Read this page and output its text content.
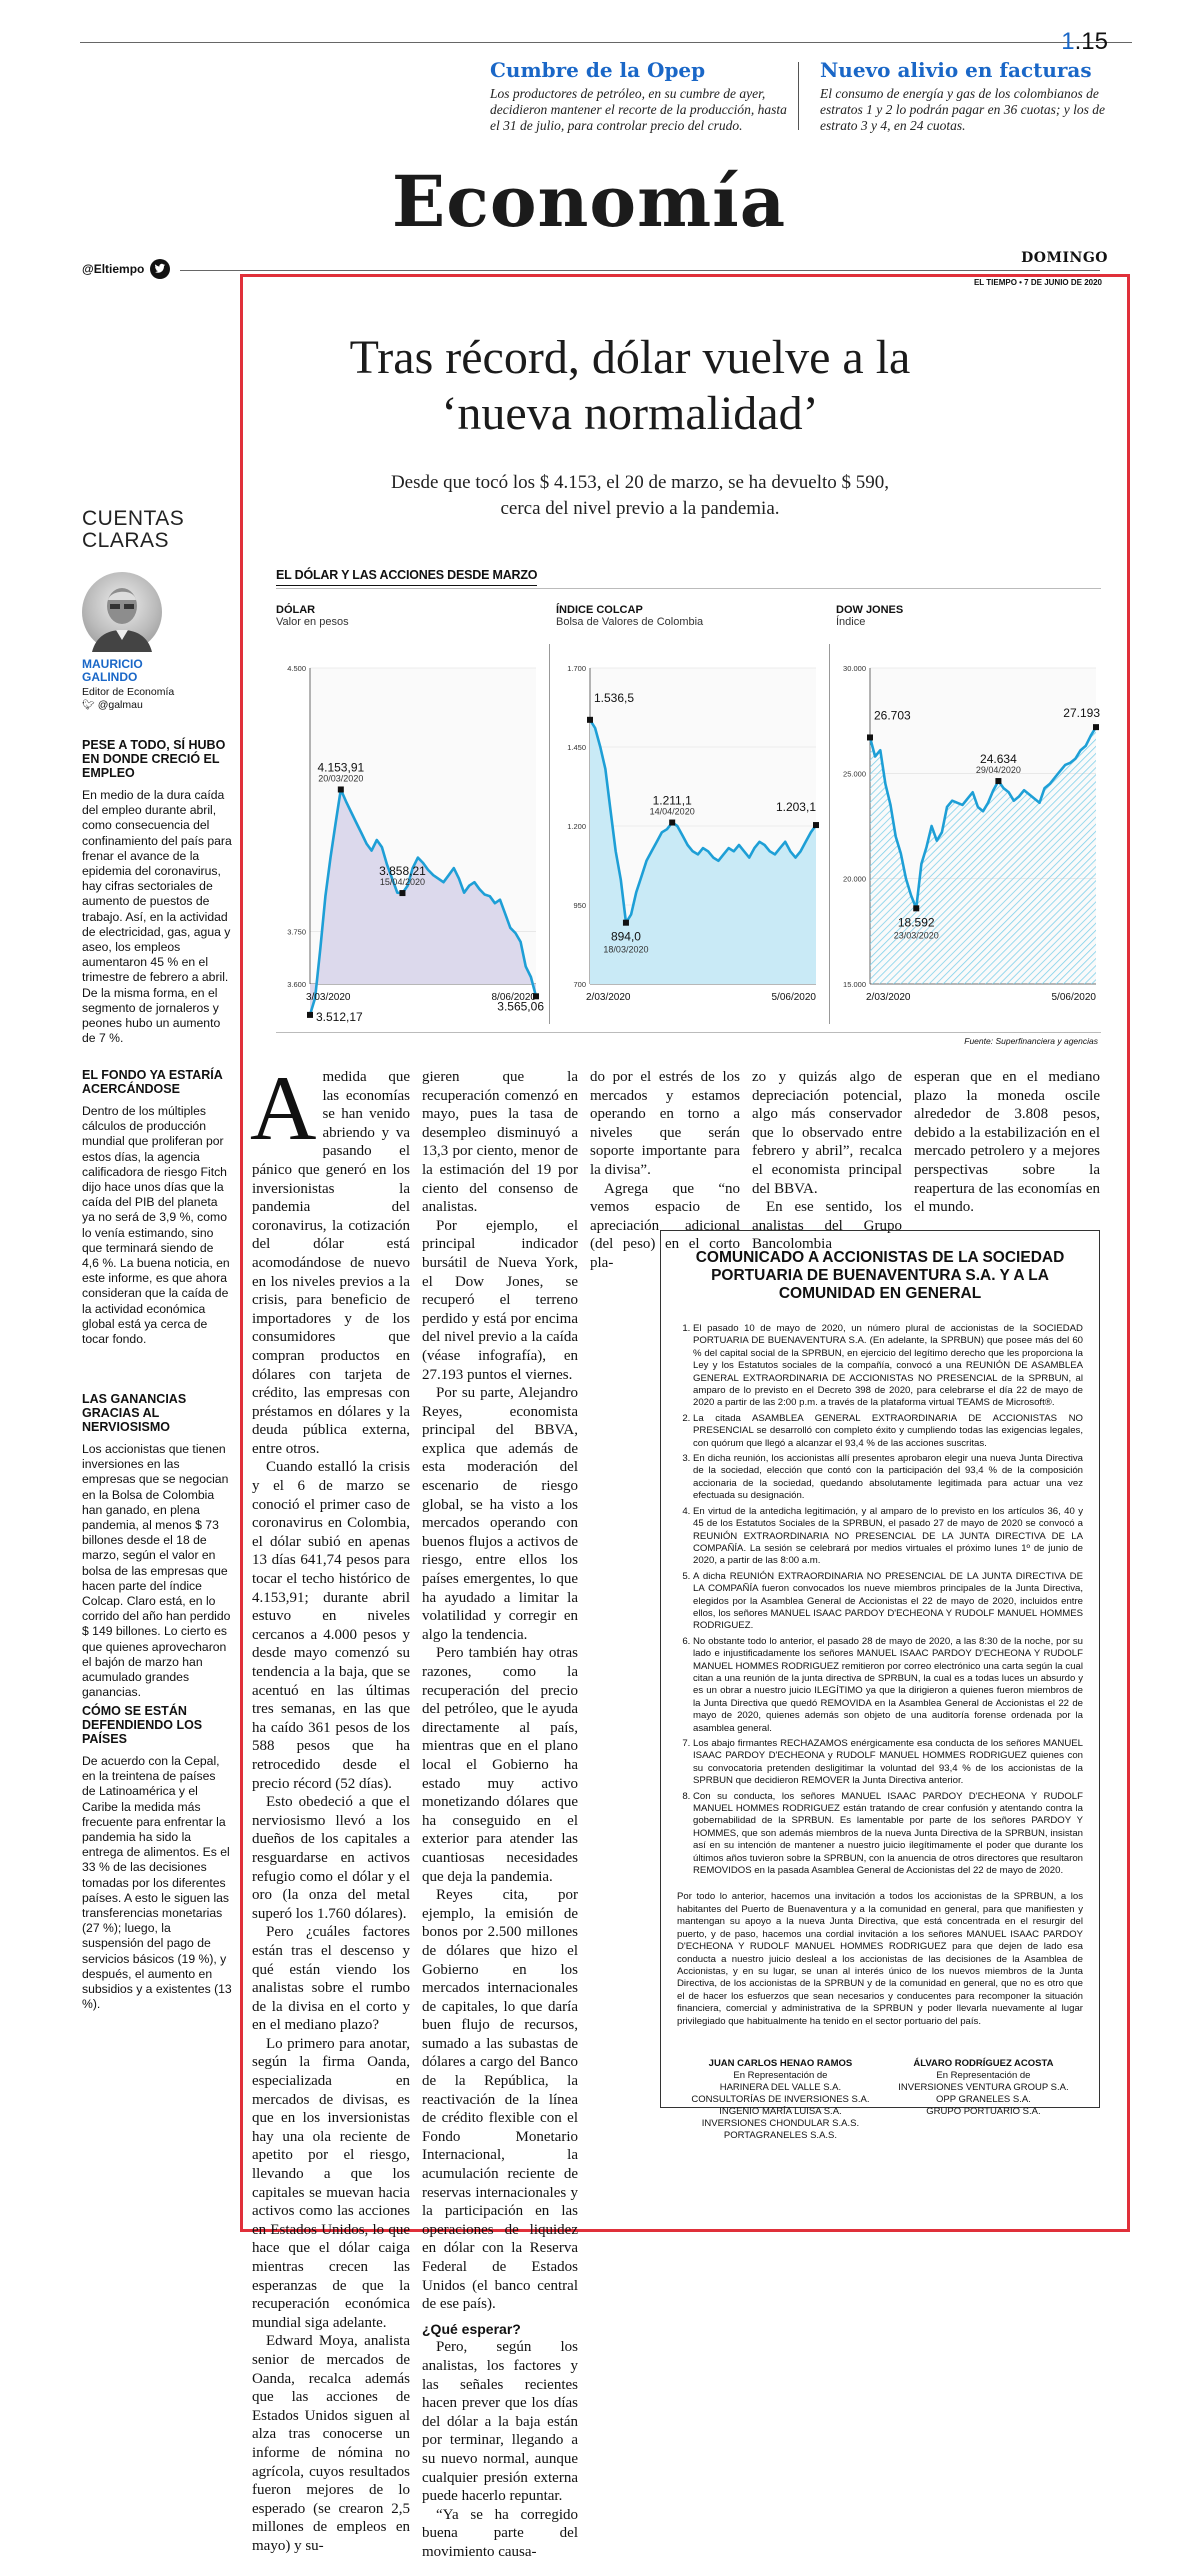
1.15
Cumbre de la Opep
Los productores de petróleo, en su cumbre de ayer, decidieron mantener el recorte de la producción, hasta el 31 de julio, para controlar precio del crudo.
Nuevo alivio en facturas
El consumo de energía y gas de los colombianos de estratos 1 y 2 lo podrán pagar en 36 cuotas; y los de estrato 3 y 4, en 24 cuotas.
Economía
@Eltiempo
DOMINGO
EL TIEMPO • 7 DE JUNIO DE 2020
CUENTAS
CLARAS
MAURICIO
GALINDO
Editor de Economía
🐦︎ @galmau
PESE A TODO, SÍ HUBO EN DONDE CRECIÓ EL EMPLEO

En medio de la dura caída del empleo durante abril, como consecuencia del confinamiento del país para frenar el avance de la epidemia del coronavirus, hay cifras sectoriales de aumento de puestos de trabajo. Así, en la actividad de electricidad, gas, agua y aseo, los empleos aumentaron 45 % en el trimestre de febrero a abril. De la misma forma, en el segmento de jornaleros y peones hubo un aumento de 7 %.

EL FONDO YA ESTARÍA ACERCÁNDOSE

Dentro de los múltiples cálculos de producción mundial que proliferan por estos días, la agencia calificadora de riesgo Fitch dijo hace unos días que la caída del PIB del planeta ya no será de 3,9 %, como lo venía estimando, sino que terminará siendo de 4,6 %. La buena noticia, en este informe, es que ahora consideran que la caída de la actividad económica global está ya cerca de tocar fondo.

LAS GANANCIAS GRACIAS AL NERVIOSISMO

Los accionistas que tienen inversiones en las empresas que se negocian en la Bolsa de Colombia han ganado, en plena pandemia, al menos $ 73 billones desde el 18 de marzo, según el valor en bolsa de las empresas que hacen parte del índice Colcap. Claro está, en lo corrido del año han perdido $ 149 billones. Lo cierto es que quienes aprovecharon el bajón de marzo han acumulado grandes ganancias.

CÓMO SE ESTÁN DEFENDIENDO LOS PAÍSES

De acuerdo con la Cepal, en la treintena de países de Latinoamérica y el Caribe la medida más frecuente para enfrentar la pandemia ha sido la entrega de alimentos. Es el 33 % de las decisiones tomadas por los diferentes países. A esto le siguen las transferencias monetarias (27 %); luego, la suspensión del pago de servicios básicos (19 %), y después, el aumento en subsidios y a existentes (13 %).

Tras récord, dólar vuelve a la ‘nueva normalidad’
Desde que tocó los $ 4.153, el 20 de marzo, se ha devuelto $ 590, cerca del nivel previo a la pandemia.
EL DÓLAR Y LAS ACCIONES DESDE MARZO
DÓLAR
Valor en pesos
4.500
3.750
3.600
4.153,91
20/03/2020
3.858,21
15/04/2020
3.512,17
3.565,06
3/03/2020	8/06/2020
ÍNDICE COLCAP
Bolsa de Valores de Colombia
1.700
1.450
1.200
950
700
1.536,5
1.211,1
14/04/2020
894,0
18/03/2020
1.203,1
2/03/2020	5/06/2020
DOW JONES
Índice
30.000
25.000
20.000
15.000
26.703
24.634
29/04/2020
18.592
23/03/2020
27.193
2/03/2020	5/06/2020
Fuente: Superfinanciera y agencias
A medida que las economías se han venido abriendo y va pasando el pánico que generó en los inversionistas la pandemia del coronavirus, la cotización del dólar está acomodándose de nuevo en los niveles previos a la crisis, para beneficio de importadores y de los consumidores que compran productos en dólares con tarjeta de crédito, las empresas con préstamos en dólares y la deuda pública externa, entre otros.

Cuando estalló la crisis y el 6 de marzo se conoció el primer caso de coronavirus en Colombia, el dólar subió en apenas 13 días 641,74 pesos para tocar el techo histórico de 4.153,91; durante abril estuvo en niveles cercanos a 4.000 pesos y desde mayo comenzó su tendencia a la baja, que se acentuó en las últimas tres semanas, en las que ha caído 361 pesos de los 588 pesos que ha retrocedido desde el precio récord (52 días).

Esto obedeció a que el nerviosismo llevó a los dueños de los capitales a resguardarse en activos refugio como el dólar y el oro (la onza del metal superó los 1.760 dólares).

Pero ¿cuáles factores están tras el descenso y qué están viendo los analistas sobre el rumbo de la divisa en el corto y en el mediano plazo?

Lo primero para anotar, según la firma Oanda, especializada en mercados de divisas, es que en los inversionistas hay una ola reciente de apetito por el riesgo, llevando a que los capitales se muevan hacia activos como las acciones en Estados Unidos, lo que hace que el dólar caiga mientras crecen las esperanzas de que la recuperación económica mundial siga adelante.

Edward Moya, analista senior de mercados de Oanda, recalca además que las acciones de Estados Unidos siguen al alza tras conocerse un informe de nómina no agrícola, cuyos resultados fueron mejores de lo esperado (se crearon 2,5 millones de empleos en mayo) y su-

gieren que la recuperación comenzó en mayo, pues la tasa de desempleo disminuyó a 13,3 por ciento, menor de la estimación del 19 por ciento del consenso de analistas.

Por ejemplo, el principal indicador bursátil de Nueva York, el Dow Jones, se recuperó el terreno perdido y está por encima del nivel previo a la caída (véase infografía), en 27.193 puntos el viernes.

Por su parte, Alejandro Reyes, economista principal del BBVA, explica que además de esta moderación del escenario de riesgo global, se ha visto a los mercados operando con buenos flujos a activos de riesgo, entre ellos los países emergentes, lo que ha ayudado a limitar la volatilidad y corregir en algo la tendencia.

Pero también hay otras razones, como la recuperación del precio del petróleo, que le ayuda directamente al país, mientras que en el plano local el Gobierno ha estado muy activo monetizando dólares que ha conseguido en el exterior para atender las cuantiosas necesidades que deja la pandemia.

Reyes cita, por ejemplo, la emisión de bonos por 2.500 millones de dólares que hizo el Gobierno en los mercados internacionales de capitales, lo que daría buen flujo de recursos, sumado a las subastas de dólares a cargo del Banco de la República, la reactivación de la línea de crédito flexible con el Fondo Monetario Internacional, la acumulación reciente de reservas internacionales y la participación en las operaciones de liquidez en dólar con la Reserva Federal de Estados Unidos (el banco central de ese país).

¿Qué esperar?

Pero, según los analistas, los factores y las señales recientes hacen prever que los días del dólar a la baja están por terminar, llegando a su nuevo normal, aunque cualquier presión externa puede hacerlo repuntar.

“Ya se ha corregido buena parte del movimiento causa-

do por el estrés de los mercados y estamos operando en torno a niveles que serán soporte importante para la divisa”.

Agrega que “no vemos espacio de apreciación adicional (del peso) en el corto pla-

zo y quizás algo de depreciación potencial, algo más conservador que lo observado entre febrero y abril”, recalca el economista principal del BBVA.

En ese sentido, los analistas del Grupo Bancolombia

esperan que en el mediano plazo la moneda oscile alrededor de 3.808 pesos, debido a la estabilización en el mercado petrolero y a mejores perspectivas sobre la reapertura de las economías en el mundo.

COMUNICADO A ACCIONISTAS DE LA SOCIEDAD PORTUARIA DE BUENAVENTURA S.A. Y A LA COMUNIDAD EN GENERAL
1. El pasado 10 de mayo de 2020, un número plural de accionistas de la SOCIEDAD PORTUARIA DE BUENAVENTURA S.A. (En adelante, la SPRBUN) que posee más del 60 % del capital social de la SPRBUN, en ejercicio del legítimo derecho que les proporciona la Ley y los Estatutos sociales de la compañía, convocó a una REUNIÓN DE ASAMBLEA GENERAL EXTRAORDINARIA DE ACCIONISTAS NO PRESENCIAL de la SPRBUN, al amparo de lo previsto en el Decreto 398 de 2020, para celebrarse el día 22 de mayo de 2020 a partir de las 2:00 p.m. a través de la plataforma virtual TEAMS de Microsoft®.
2. La citada ASAMBLEA GENERAL EXTRAORDINARIA DE ACCIONISTAS NO PRESENCIAL se desarrolló con completo éxito y cumpliendo todas las exigencias legales, con quórum que llegó a alcanzar el 93,4 % de las acciones suscritas.
3. En dicha reunión, los accionistas allí presentes aprobaron elegir una nueva Junta Directiva de la sociedad, elección que contó con la participación del 93,4 % de la composición accionaria de la sociedad, quedando absolutamente legitimada para actuar una vez efectuada su designación.
4. En virtud de la antedicha legitimación, y al amparo de lo previsto en los artículos 36, 40 y 45 de los Estatutos Sociales de la SPRBUN, el pasado 27 de mayo de 2020 se convocó a REUNIÓN EXTRAORDINARIA NO PRESENCIAL DE LA JUNTA DIRECTIVA DE LA COMPAÑÍA. La sesión se celebrará por medios virtuales el próximo lunes 1º de junio de 2020, a partir de las 8:00 a.m.
5. A dicha REUNIÓN EXTRAORDINARIA NO PRESENCIAL DE LA JUNTA DIRECTIVA DE LA COMPAÑÍA fueron convocados los nueve miembros principales de la Junta Directiva, elegidos por la Asamblea General de Accionistas el 22 de mayo de 2020, incluidos entre ellos, los señores MANUEL ISAAC PARDOY D'ECHEONA Y RUDOLF MANUEL HOMMES RODRIGUEZ.
6. No obstante todo lo anterior, el pasado 28 de mayo de 2020, a las 8:30 de la noche, por su lado e injustificadamente los señores MANUEL ISAAC PARDOY D'ECHEONA Y RUDOLF MANUEL HOMMES RODRIGUEZ remitieron por correo electrónico una carta según la cual citan a una reunión de la junta directiva de SPRBUN, la cual es a todas luces un absurdo y es un obrar a nuestro juicio ILEGÍTIMO ya que la dirigieron a quienes fueron miembros de la Junta Directiva que quedó REMOVIDA en la Asamblea General de Accionistas el 22 de mayo de 2020, quienes además son objeto de una auditoría forense ordenada por la asamblea general.
7. Los abajo firmantes RECHAZAMOS enérgicamente esa conducta de los señores MANUEL ISAAC PARDOY D'ECHEONA y RUDOLF MANUEL HOMMES RODRIGUEZ quienes con su convocatoria pretenden desligitimar la voluntad del 93,4 % de los accionistas de la SPRBUN que decidieron REMOVER la Junta Directiva anterior.
8. Con su conducta, los señores MANUEL ISAAC PARDOY D'ECHEONA Y RUDOLF MANUEL HOMMES RODRIGUEZ están tratando de crear confusión y atentando contra la gobernabilidad de la SPRBUN. Es lamentable por parte de los señores PARDOY Y HOMMES, que son además miembros de la nueva Junta Directiva de la SPRBUN, insistan así en su intención de mantener a nuestro juicio ilegítimamente el poder que durante los últimos años tuvieron sobre la SPRBUN, con la anuencia de otros directores que resultaron REMOVIDOS en la pasada Asamblea General de Accionistas del 22 de mayo de 2020.

Por todo lo anterior, hacemos una invitación a todos los accionistas de la SPRBUN, a los habitantes del Puerto de Buenaventura y a la comunidad en general, para que manifiesten y mantengan su apoyo a la nueva Junta Directiva, que está concentrada en el resurgir del puerto, y de paso, hacemos una cordial invitación a los señores MANUEL ISAAC PARDOY D'ECHEONA Y RUDOLF MANUEL HOMMES RODRIGUEZ para que dejen de lado esa conducta a nuestro juicio desleal a los accionistas de las decisiones de la Asamblea de Accionistas, y en su lugar, se unan al interés único de los nuevos miembros de la Junta Directiva, de los accionistas de la SPRBUN y de la comunidad en general, que no es otro que el de hacer los esfuerzos que sean necesarios y conducentes para recomponer la situación financiera, comercial y administrativa de la SPRBUN y poder llevarla nuevamente al lugar privilegiado que habitualmente ha tenido en el sector portuario del país.

JUAN CARLOS HENAO RAMOS
En Representación de
HARINERA DEL VALLE S.A.
CONSULTORÍAS DE INVERSIONES S.A.
INGENIO MARÍA LUISA S.A.
INVERSIONES CHONDULAR S.A.S.
PORTAGRANELES S.A.S.
ÁLVARO RODRÍGUEZ ACOSTA
En Representación de
INVERSIONES VENTURA GROUP S.A.
OPP GRANELES S.A.
GRUPO PORTUARIO S.A.
